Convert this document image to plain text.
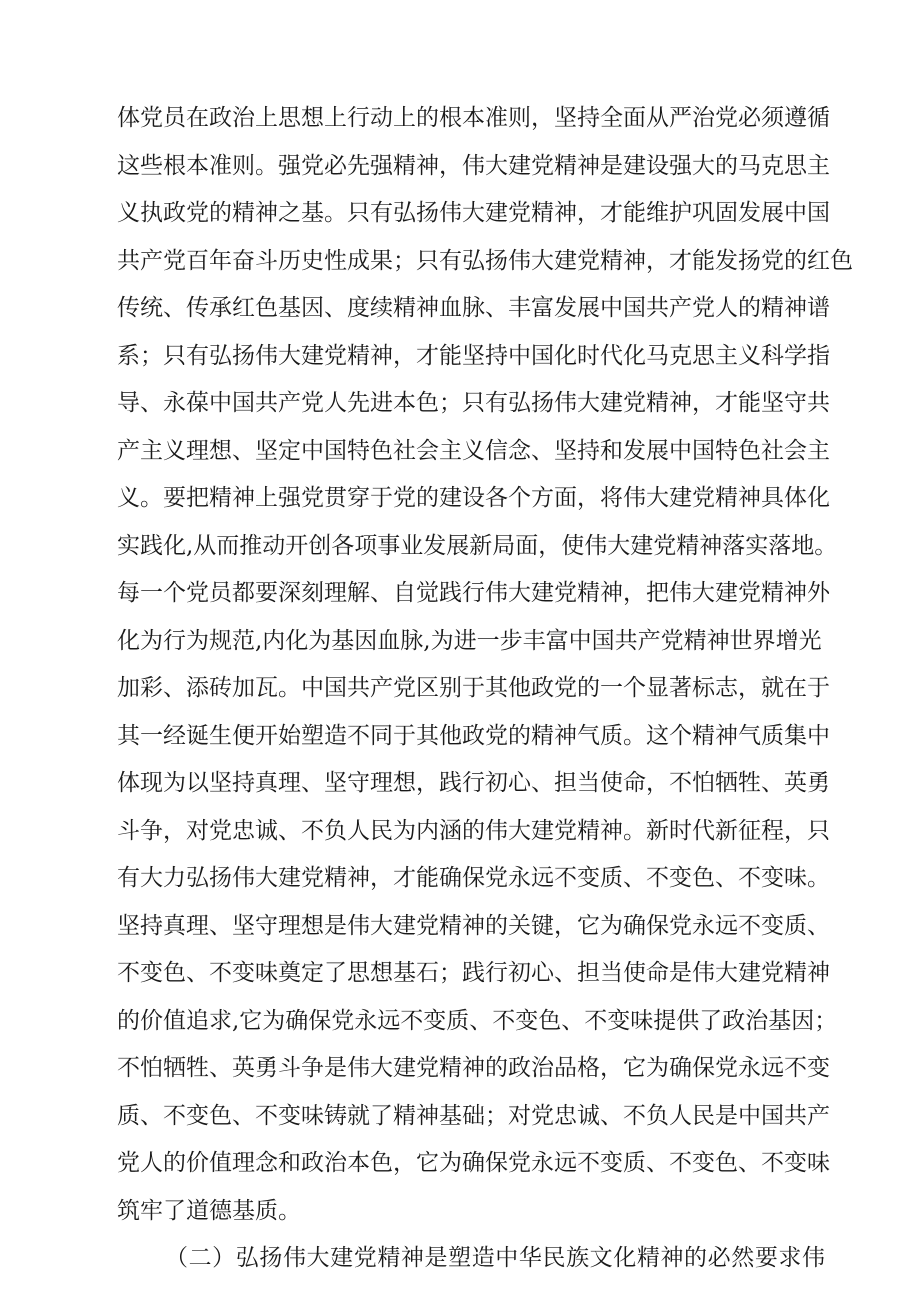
体党员在政治上思想上行动上的根本准则，坚持全面从严治党必须遵循
这些根本准则。强党必先强精神，伟大建党精神是建设强大的马克思主
义执政党的精神之基。只有弘扬伟大建党精神，才能维护巩固发展中国
共产党百年奋斗历史性成果；只有弘扬伟大建党精神，才能发扬党的红色
传统、传承红色基因、度续精神血脉、丰富发展中国共产党人的精神谱
系；只有弘扬伟大建党精神，才能坚持中国化时代化马克思主义科学指
导、永葆中国共产党人先进本色；只有弘扬伟大建党精神，才能坚守共
产主义理想、坚定中国特色社会主义信念、坚持和发展中国特色社会主
义。要把精神上强党贯穿于党的建设各个方面，将伟大建党精神具体化
实践化,从而推动开创各项事业发展新局面，使伟大建党精神落实落地。
每一个党员都要深刻理解、自觉践行伟大建党精神，把伟大建党精神外
化为行为规范,内化为基因血脉,为进一步丰富中国共产党精神世界增光
加彩、添砖加瓦。中国共产党区别于其他政党的一个显著标志，就在于
其一经诞生便开始塑造不同于其他政党的精神气质。这个精神气质集中
体现为以坚持真理、坚守理想，践行初心、担当使命，不怕牺牲、英勇
斗争，对党忠诚、不负人民为内涵的伟大建党精神。新时代新征程，只
有大力弘扬伟大建党精神，才能确保党永远不变质、不变色、不变味。
坚持真理、坚守理想是伟大建党精神的关键，它为确保党永远不变质、
不变色、不变味奠定了思想基石；践行初心、担当使命是伟大建党精神
的价值追求,它为确保党永远不变质、不变色、不变味提供了政治基因；
不怕牺牲、英勇斗争是伟大建党精神的政治品格，它为确保党永远不变
质、不变色、不变味铸就了精神基础；对党忠诚、不负人民是中国共产
党人的价值理念和政治本色，它为确保党永远不变质、不变色、不变味
筑牢了道德基质。
（二）弘扬伟大建党精神是塑造中华民族文化精神的必然要求伟
